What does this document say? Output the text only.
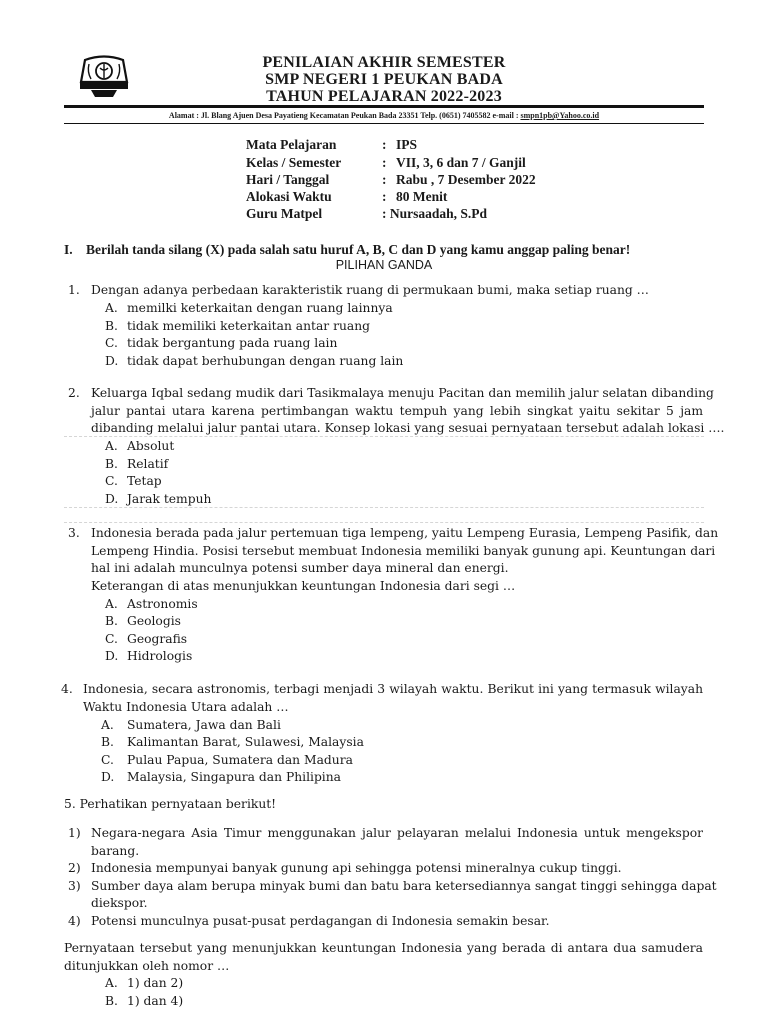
PENILAIAN AKHIR SEMESTER
SMP NEGERI 1 PEUKAN BADA
TAHUN PELAJARAN 2022-2023
Alamat : Jl. Blang Ajuen Desa Payatieng Kecamatan Peukan Bada 23351 Telp. (0651) 7405582 e-mail : smpn1pb@Yahoo.co.id
Mata Pelajaran	: IPS
Kelas / Semester	: VII, 3, 6 dan 7 / Ganjil
Hari / Tanggal	: Rabu , 7 Desember 2022
Alokasi Waktu	: 80 Menit
Guru Matpel	: Nursaadah, S.Pd
I. Berilah tanda silang (X) pada salah satu huruf A, B, C dan D yang kamu anggap paling benar!
PILIHAN GANDA
1. Dengan adanya perbedaan karakteristik ruang di permukaan bumi, maka setiap ruang …
A. memilki keterkaitan dengan ruang lainnya
B. tidak memiliki keterkaitan antar ruang
C. tidak bergantung pada ruang lain
D. tidak dapat berhubungan dengan ruang lain
2. Keluarga Iqbal sedang mudik dari Tasikmalaya menuju Pacitan dan memilih jalur selatan dibanding
jalur pantai utara karena pertimbangan waktu tempuh yang lebih singkat yaitu sekitar 5 jam
dibanding melalui jalur pantai utara. Konsep lokasi yang sesuai pernyataan tersebut adalah lokasi ….
A. Absolut
B. Relatif
C. Tetap
D. Jarak tempuh
3. Indonesia berada pada jalur pertemuan tiga lempeng, yaitu Lempeng Eurasia, Lempeng Pasifik, dan
Lempeng Hindia. Posisi tersebut membuat Indonesia memiliki banyak gunung api. Keuntungan dari
hal ini adalah munculnya potensi sumber daya mineral dan energi.
Keterangan di atas menunjukkan keuntungan Indonesia dari segi …
A. Astronomis
B. Geologis
C. Geografis
D. Hidrologis
4. Indonesia, secara astronomis, terbagi menjadi 3 wilayah waktu. Berikut ini yang termasuk wilayah
Waktu Indonesia Utara adalah …
A. Sumatera, Jawa dan Bali
B. Kalimantan Barat, Sulawesi, Malaysia
C. Pulau Papua, Sumatera dan Madura
D. Malaysia, Singapura dan Philipina
5. Perhatikan pernyataan berikut!
1) Negara-negara Asia Timur menggunakan jalur pelayaran melalui Indonesia untuk mengekspor
barang.
2) Indonesia mempunyai banyak gunung api sehingga potensi mineralnya cukup tinggi.
3) Sumber daya alam berupa minyak bumi dan batu bara ketersediannya sangat tinggi sehingga dapat
diekspor.
4) Potensi munculnya pusat-pusat perdagangan di Indonesia semakin besar.
Pernyataan tersebut yang menunjukkan keuntungan Indonesia yang berada di antara dua samudera
ditunjukkan oleh nomor …
A. 1) dan 2)
B. 1) dan 4)
